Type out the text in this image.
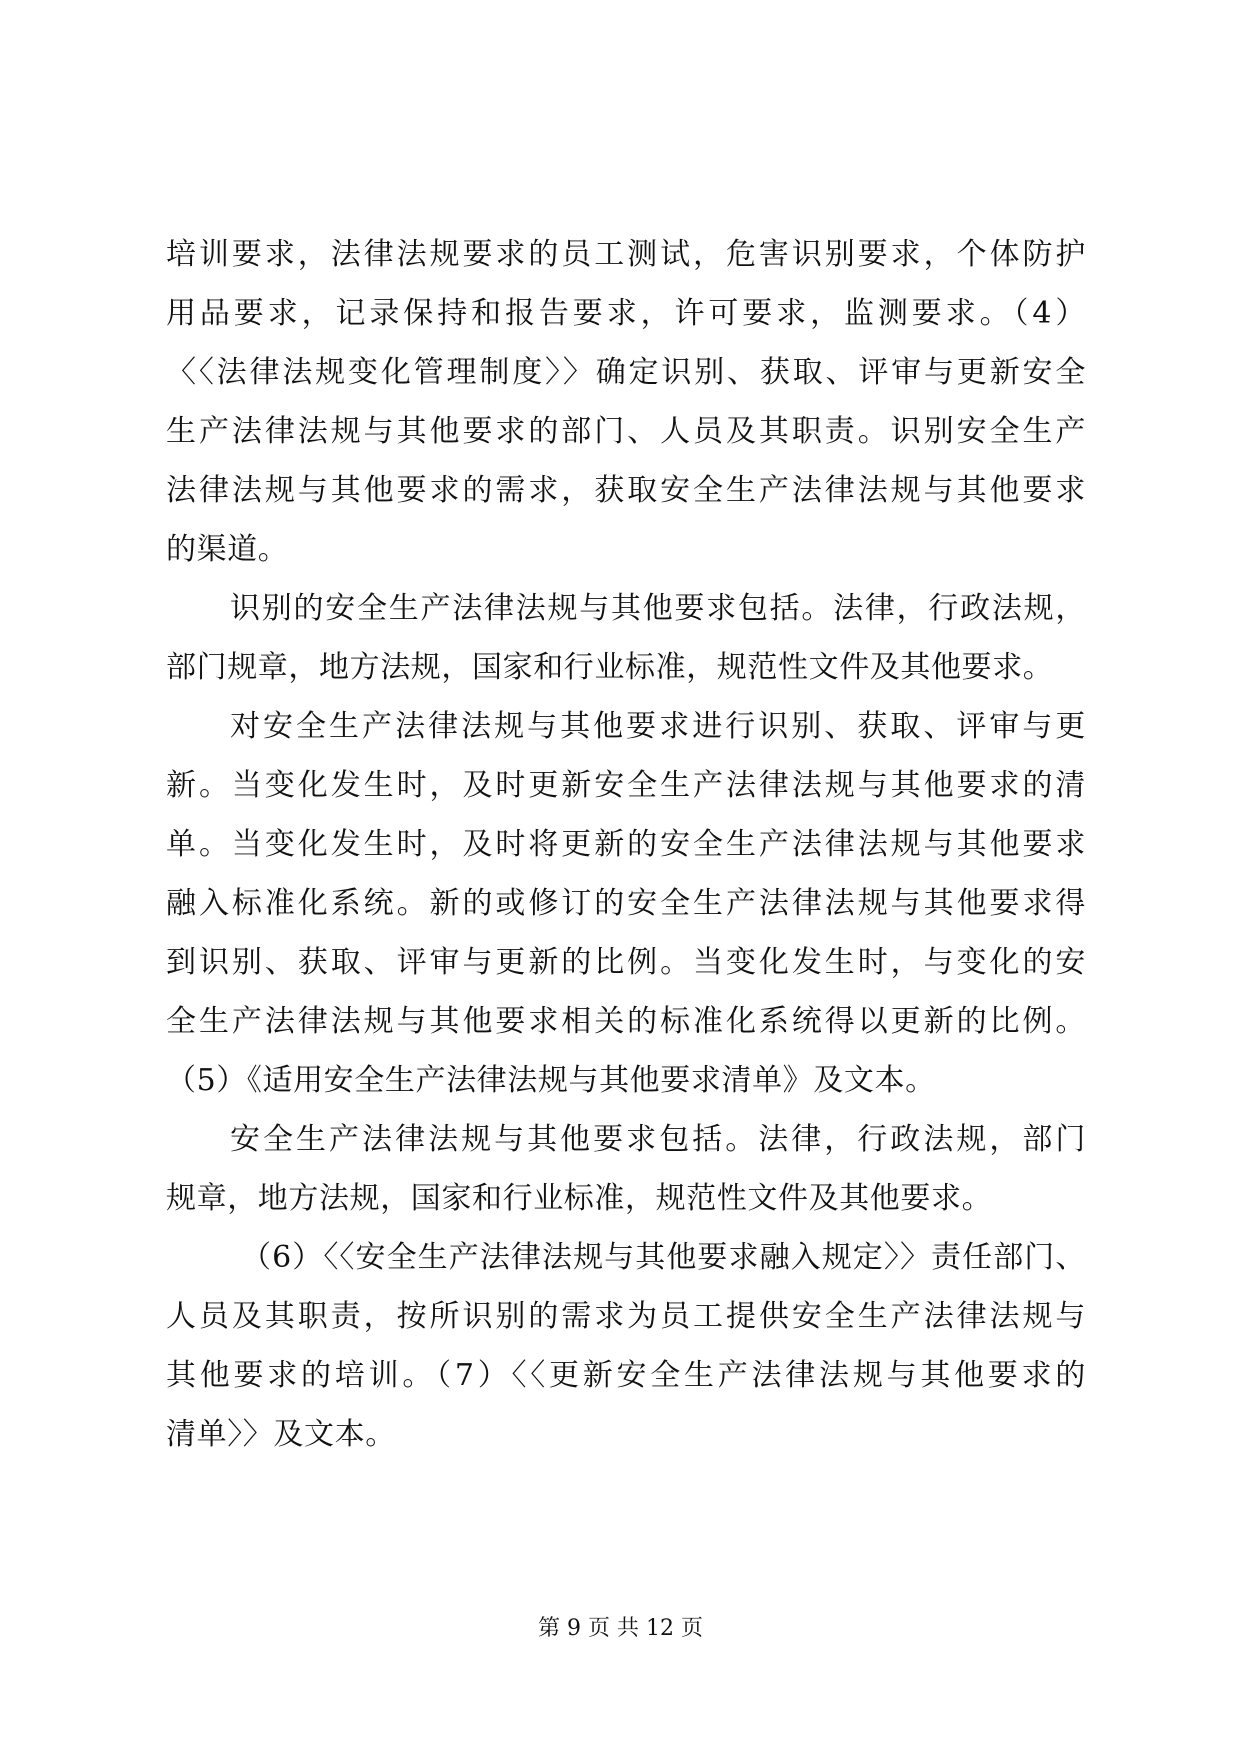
培训要求，法律法规要求的员工测试，危害识别要求，个体防护
用品要求，记录保持和报告要求，许可要求，监测要求。（4）
〈〈法律法规变化管理制度〉〉确定识别、获取、评审与更新安全
生产法律法规与其他要求的部门、人员及其职责。识别安全生产
法律法规与其他要求的需求，获取安全生产法律法规与其他要求
的渠道。
识别的安全生产法律法规与其他要求包括。法律，行政法规，
部门规章，地方法规，国家和行业标准，规范性文件及其他要求。
对安全生产法律法规与其他要求进行识别、获取、评审与更
新。当变化发生时，及时更新安全生产法律法规与其他要求的清
单。当变化发生时，及时将更新的安全生产法律法规与其他要求
融入标准化系统。新的或修订的安全生产法律法规与其他要求得
到识别、获取、评审与更新的比例。当变化发生时，与变化的安
全生产法律法规与其他要求相关的标准化系统得以更新的比例。
（5）《适用安全生产法律法规与其他要求清单》及文本。
安全生产法律法规与其他要求包括。法律，行政法规，部门
规章，地方法规，国家和行业标准，规范性文件及其他要求。
（6）〈〈安全生产法律法规与其他要求融入规定〉〉责任部门、
人员及其职责，按所识别的需求为员工提供安全生产法律法规与
其他要求的培训。（7）〈〈更新安全生产法律法规与其他要求的
清单〉〉及文本。
第 9 页 共 12 页
